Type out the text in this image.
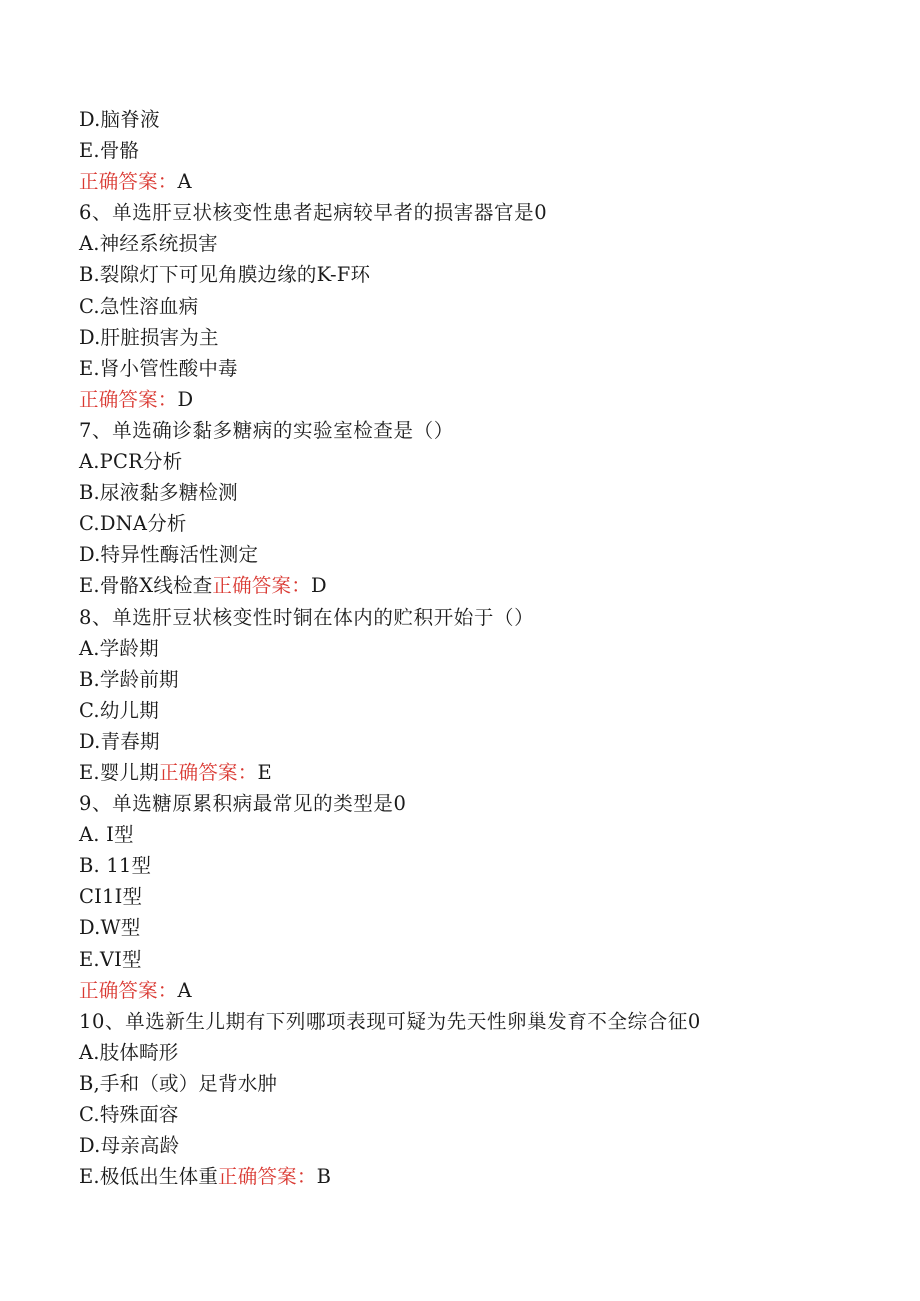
D.脑脊液
E.骨骼
正确答案：A
6、单选肝豆状核变性患者起病较早者的损害器官是0
A.神经系统损害
B.裂隙灯下可见角膜边缘的K-F环
C.急性溶血病
D.肝脏损害为主
E.肾小管性酸中毒
正确答案：D
7、单选确诊黏多糖病的实验室检查是（）
A.PCR分析
B.尿液黏多糖检测
C.DNA分析
D.特异性酶活性测定
E.骨骼X线检查正确答案：D
8、单选肝豆状核变性时铜在体内的贮积开始于（）
A.学龄期
B.学龄前期
C.幼儿期
D.青春期
E.婴儿期正确答案：E
9、单选糖原累积病最常见的类型是0
A. I型
B. 11型
CI1I型
D.W型
E.VI型
正确答案：A
10、单选新生儿期有下列哪项表现可疑为先天性卵巢发育不全综合征0
A.肢体畸形
B,手和（或）足背水肿
C.特殊面容
D.母亲高龄
E.极低出生体重正确答案：B
